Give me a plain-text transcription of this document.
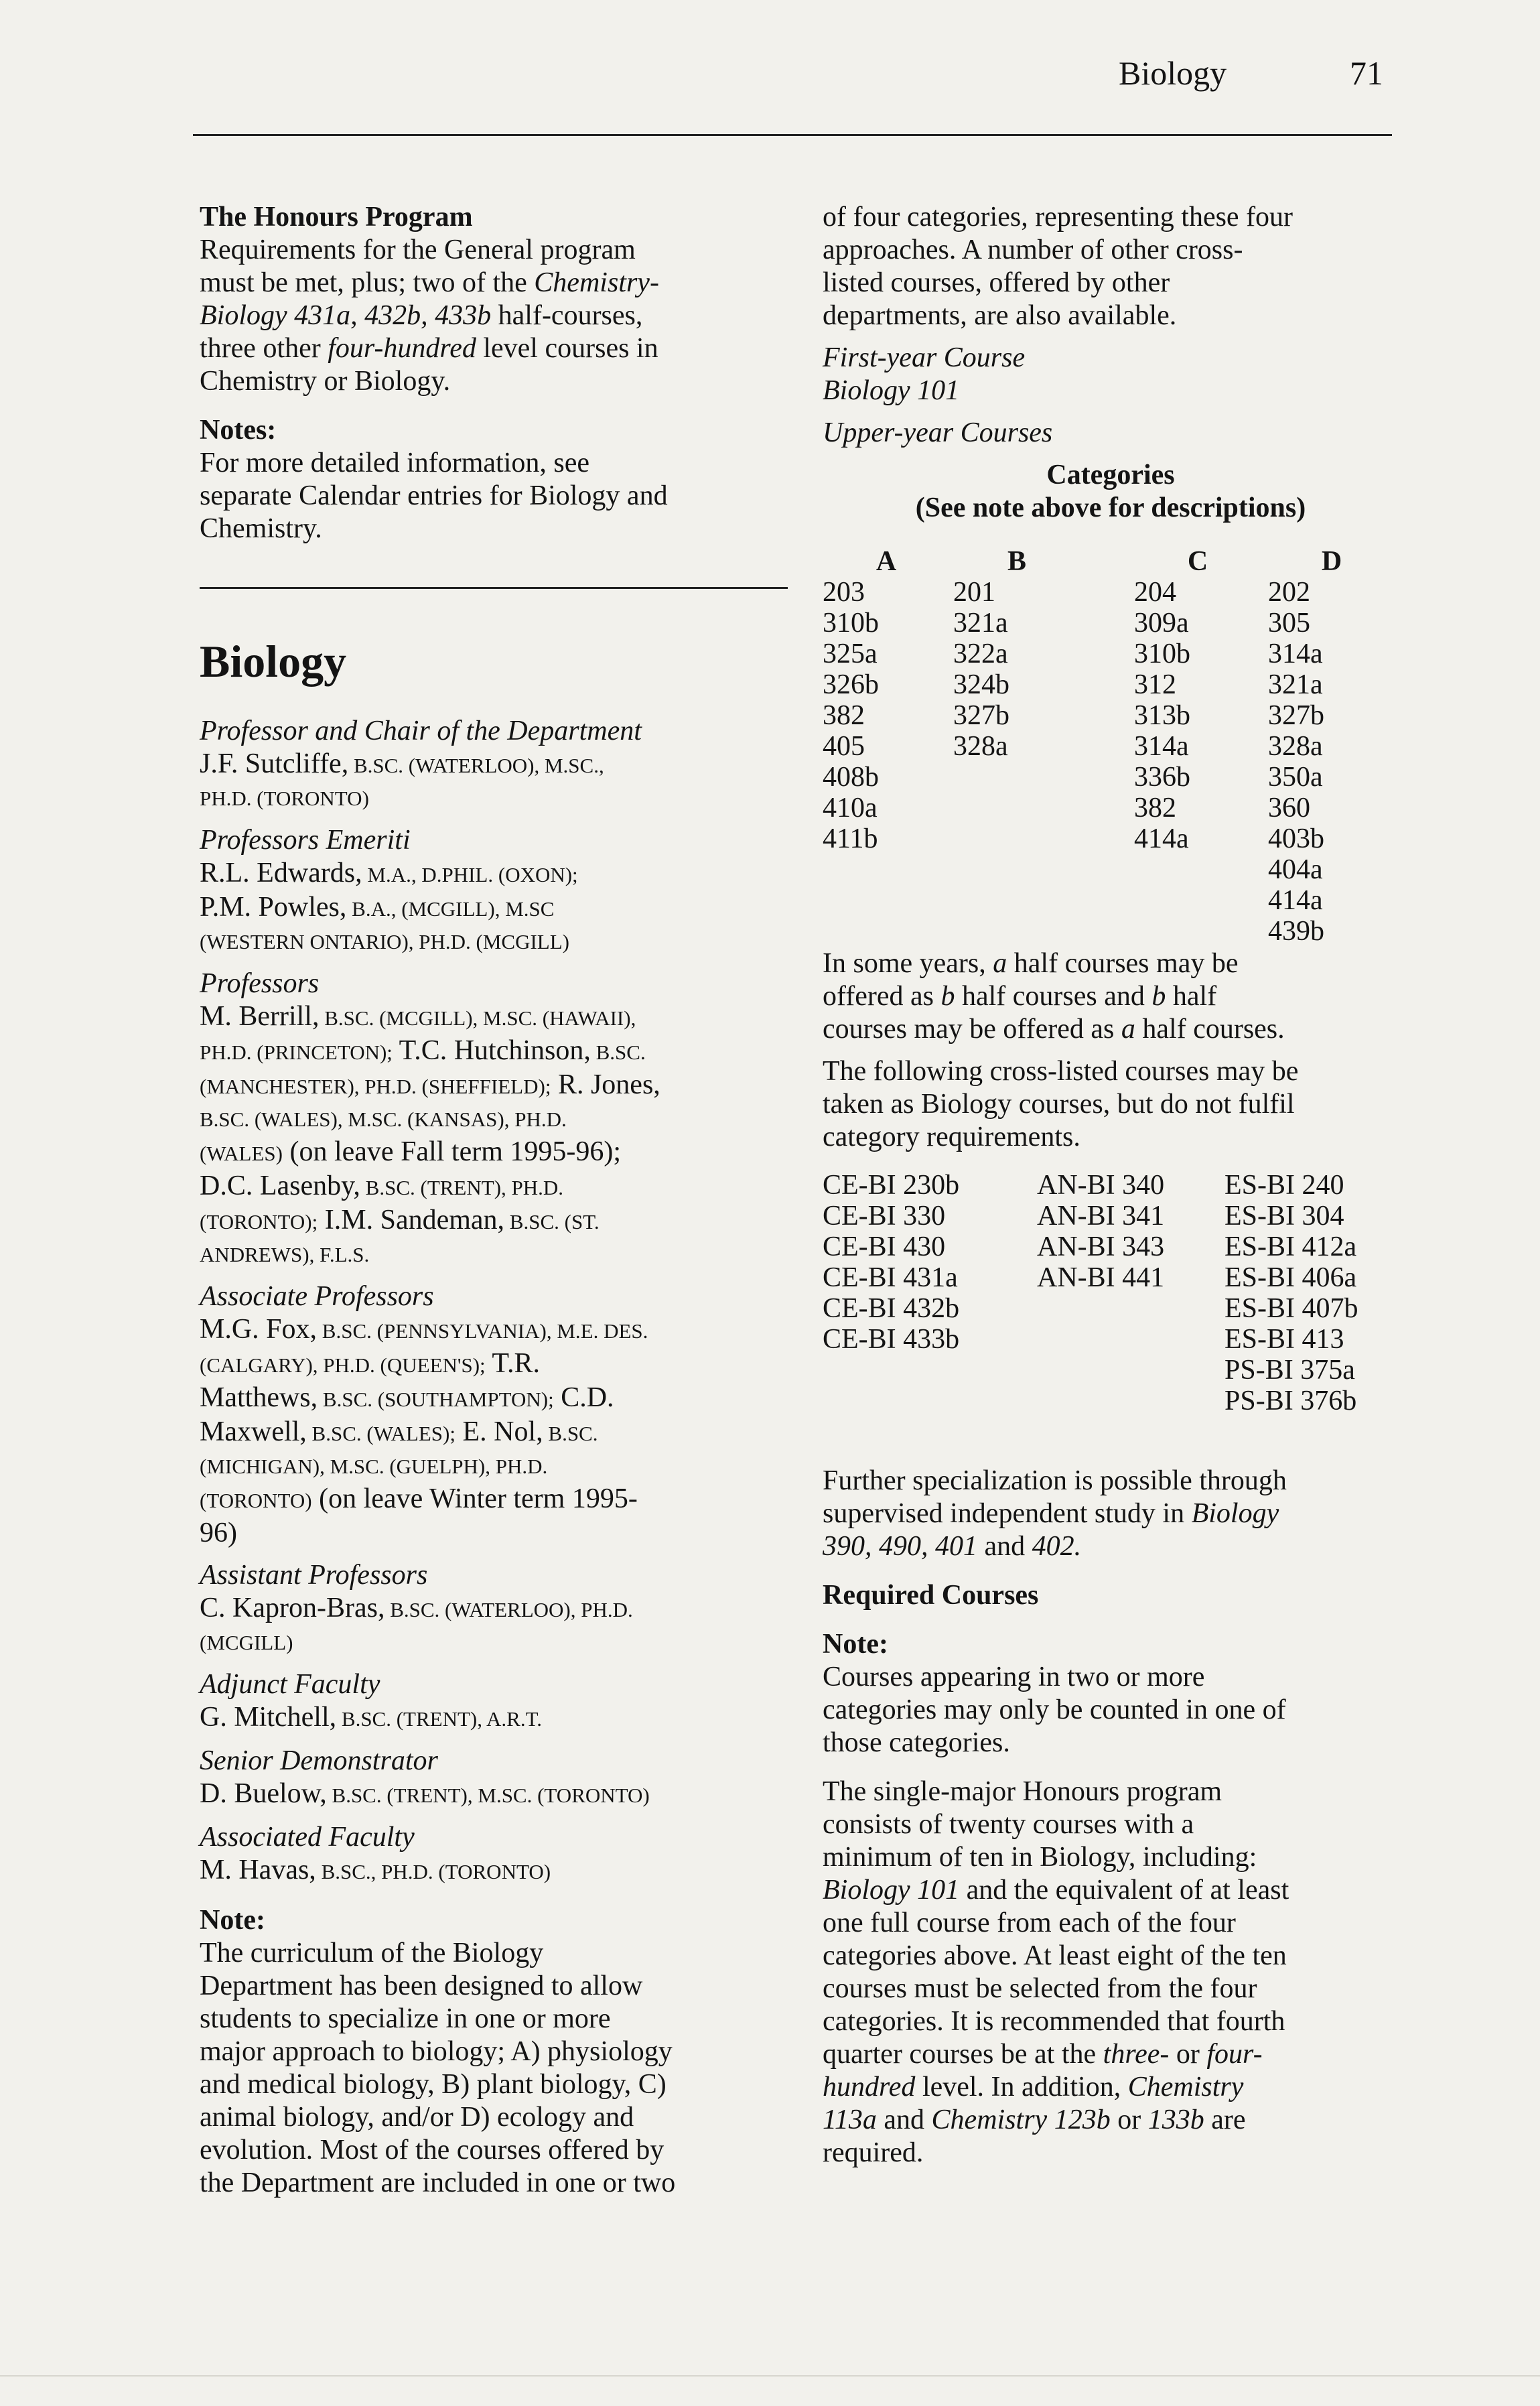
Biology	71
The Honours Program
Requirements for the General program
must be met, plus; two of the Chemistry-
Biology 431a, 432b, 433b half-courses,
three other four-hundred level courses in
Chemistry or Biology.
Notes:
For more detailed information, see
separate Calendar entries for Biology and
Chemistry.
Biology
Professor and Chair of the Department
J.F. Sutcliffe, B.SC. (WATERLOO), M.SC.,
PH.D. (TORONTO)
Professors Emeriti
R.L. Edwards, M.A., D.PHIL. (OXON);
P.M. Powles, B.A., (MCGILL), M.SC
(WESTERN ONTARIO), PH.D. (MCGILL)
Professors
M. Berrill, B.SC. (MCGILL), M.SC. (HAWAII),
PH.D. (PRINCETON); T.C. Hutchinson, B.SC.
(MANCHESTER), PH.D. (SHEFFIELD); R. Jones,
B.SC. (WALES), M.SC. (KANSAS), PH.D.
(WALES) (on leave Fall term 1995-96);
D.C. Lasenby, B.SC. (TRENT), PH.D.
(TORONTO); I.M. Sandeman, B.SC. (ST.
ANDREWS), F.L.S.
Associate Professors
M.G. Fox, B.SC. (PENNSYLVANIA), M.E. DES.
(CALGARY), PH.D. (QUEEN'S); T.R.
Matthews, B.SC. (SOUTHAMPTON); C.D.
Maxwell, B.SC. (WALES); E. Nol, B.SC.
(MICHIGAN), M.SC. (GUELPH), PH.D.
(TORONTO) (on leave Winter term 1995-
96)
Assistant Professors
C. Kapron-Bras, B.SC. (WATERLOO), PH.D.
(MCGILL)
Adjunct Faculty
G. Mitchell, B.SC. (TRENT), A.R.T.
Senior Demonstrator
D. Buelow, B.SC. (TRENT), M.SC. (TORONTO)
Associated Faculty
M. Havas, B.SC., PH.D. (TORONTO)
Note:
The curriculum of the Biology
Department has been designed to allow
students to specialize in one or more
major approach to biology; A) physiology
and medical biology, B) plant biology, C)
animal biology, and/or D) ecology and
evolution. Most of the courses offered by
the Department are included in one or two
of four categories, representing these four
approaches. A number of other cross-
listed courses, offered by other
departments, are also available.
First-year Course
Biology 101
Upper-year Courses
Categories
(See note above for descriptions)
A
203
310b
325a
326b
382
405
408b
410a
411b
B
201
321a
322a
324b
327b
328a
C
204
309a
310b
312
313b
314a
336b
382
414a
D
202
305
314a
321a
327b
328a
350a
360
403b
404a
414a
439b
In some years, a half courses may be
offered as b half courses and b half
courses may be offered as a half courses.
The following cross-listed courses may be
taken as Biology courses, but do not fulfil
category requirements.
CE-BI 230b
CE-BI 330
CE-BI 430
CE-BI 431a
CE-BI 432b
CE-BI 433b
AN-BI 340
AN-BI 341
AN-BI 343
AN-BI 441
ES-BI 240
ES-BI 304
ES-BI 412a
ES-BI 406a
ES-BI 407b
ES-BI 413
PS-BI 375a
PS-BI 376b
Further specialization is possible through
supervised independent study in Biology
390, 490, 401 and 402.
Required Courses
Note:
Courses appearing in two or more
categories may only be counted in one of
those categories.
The single-major Honours program
consists of twenty courses with a
minimum of ten in Biology, including:
Biology 101 and the equivalent of at least
one full course from each of the four
categories above. At least eight of the ten
courses must be selected from the four
categories. It is recommended that fourth
quarter courses be at the three- or four-
hundred level. In addition, Chemistry
113a and Chemistry 123b or 133b are
required.
